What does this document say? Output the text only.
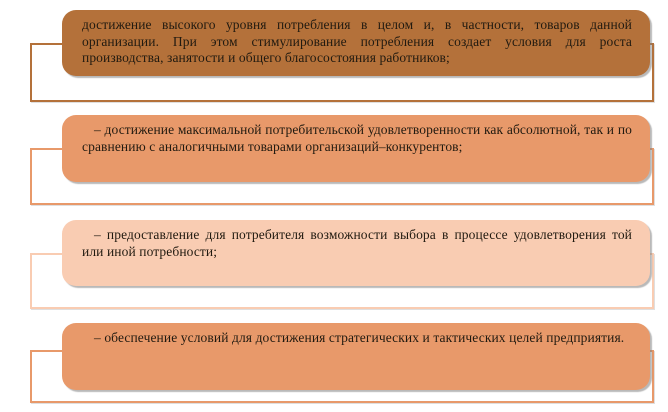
достижение высокого уровня потребления в целом и, в частности, товаров данной организации. При этом стимулирование потребления создает условия для роста производства, занятости и общего благосостояния работников;

– достижение максимальной потребительской удовлетворенности как абсолютной, так и по сравнению с аналогичными товарами организаций–конкурентов;

– предоставление для потребителя возможности выбора в процессе удовлетворения той или иной потребности;

– обеспечение условий для достижения стратегических и тактических целей предприятия.
